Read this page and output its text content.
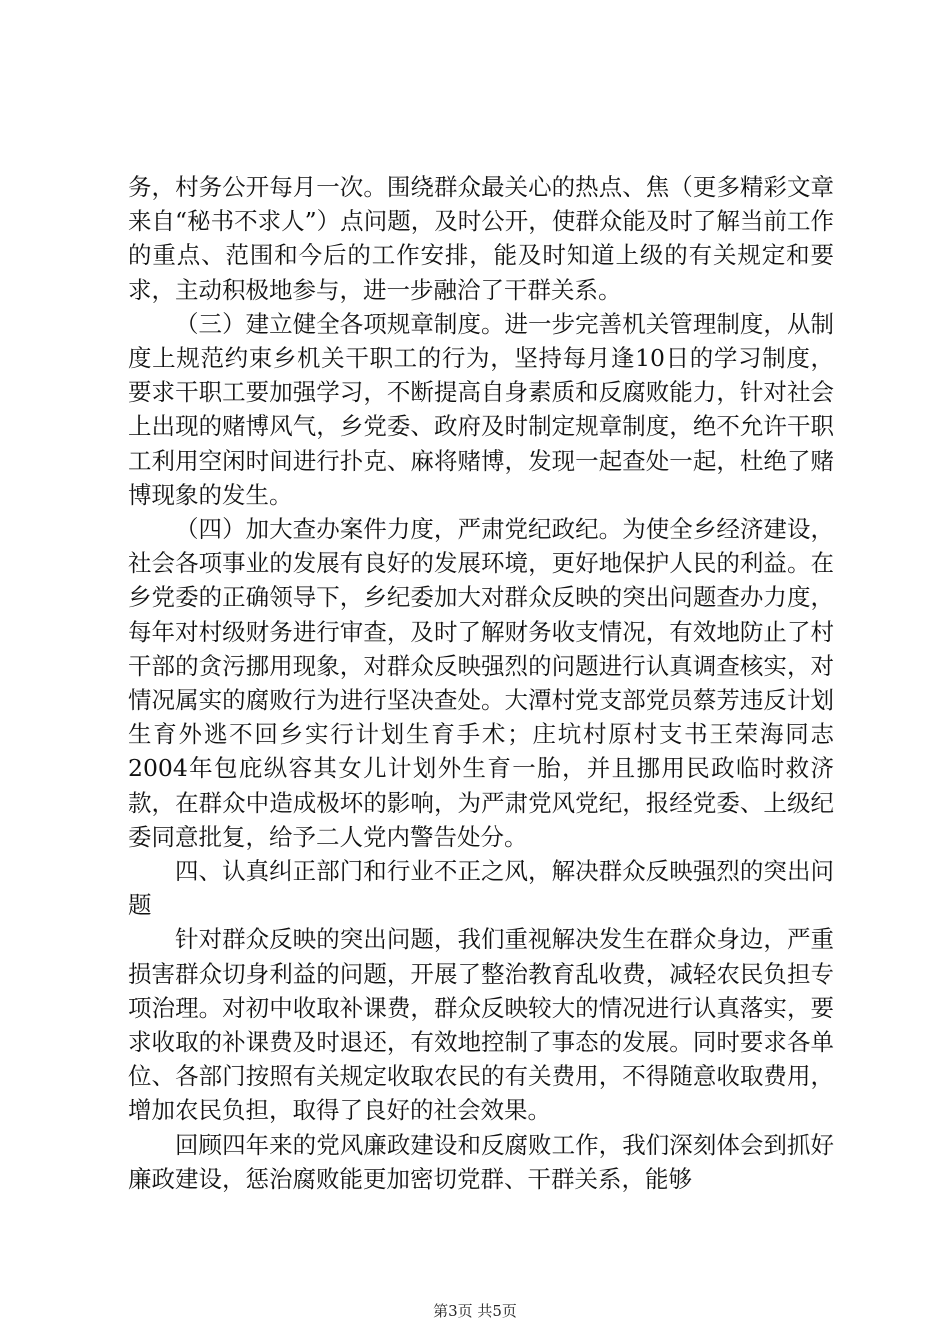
务，村务公开每月一次。围绕群众最关心的热点、焦（更多精彩文章来自“秘书不求人”）点问题，及时公开，使群众能及时了解当前工作的重点、范围和今后的工作安排，能及时知道上级的有关规定和要求，主动积极地参与，进一步融洽了干群关系。

（三）建立健全各项规章制度。进一步完善机关管理制度，从制度上规范约束乡机关干职工的行为，坚持每月逢10日的学习制度，要求干职工要加强学习，不断提高自身素质和反腐败能力，针对社会上出现的赌博风气，乡党委、政府及时制定规章制度，绝不允许干职工利用空闲时间进行扑克、麻将赌博，发现一起查处一起，杜绝了赌博现象的发生。

（四）加大查办案件力度，严肃党纪政纪。为使全乡经济建设，社会各项事业的发展有良好的发展环境，更好地保护人民的利益。在乡党委的正确领导下，乡纪委加大对群众反映的突出问题查办力度，每年对村级财务进行审查，及时了解财务收支情况，有效地防止了村干部的贪污挪用现象，对群众反映强烈的问题进行认真调查核实，对情况属实的腐败行为进行坚决查处。大潭村党支部党员蔡芳违反计划生育外逃不回乡实行计划生育手术；庄坑村原村支书王荣海同志2004年包庇纵容其女儿计划外生育一胎，并且挪用民政临时救济款，在群众中造成极坏的影响，为严肃党风党纪，报经党委、上级纪委同意批复，给予二人党内警告处分。

四、认真纠正部门和行业不正之风，解决群众反映强烈的突出问题

针对群众反映的突出问题，我们重视解决发生在群众身边，严重损害群众切身利益的问题，开展了整治教育乱收费，减轻农民负担专项治理。对初中收取补课费，群众反映较大的情况进行认真落实，要求收取的补课费及时退还，有效地控制了事态的发展。同时要求各单位、各部门按照有关规定收取农民的有关费用，不得随意收取费用，增加农民负担，取得了良好的社会效果。

回顾四年来的党风廉政建设和反腐败工作，我们深刻体会到抓好廉政建设，惩治腐败能更加密切党群、干群关系，能够

第3页 共5页
